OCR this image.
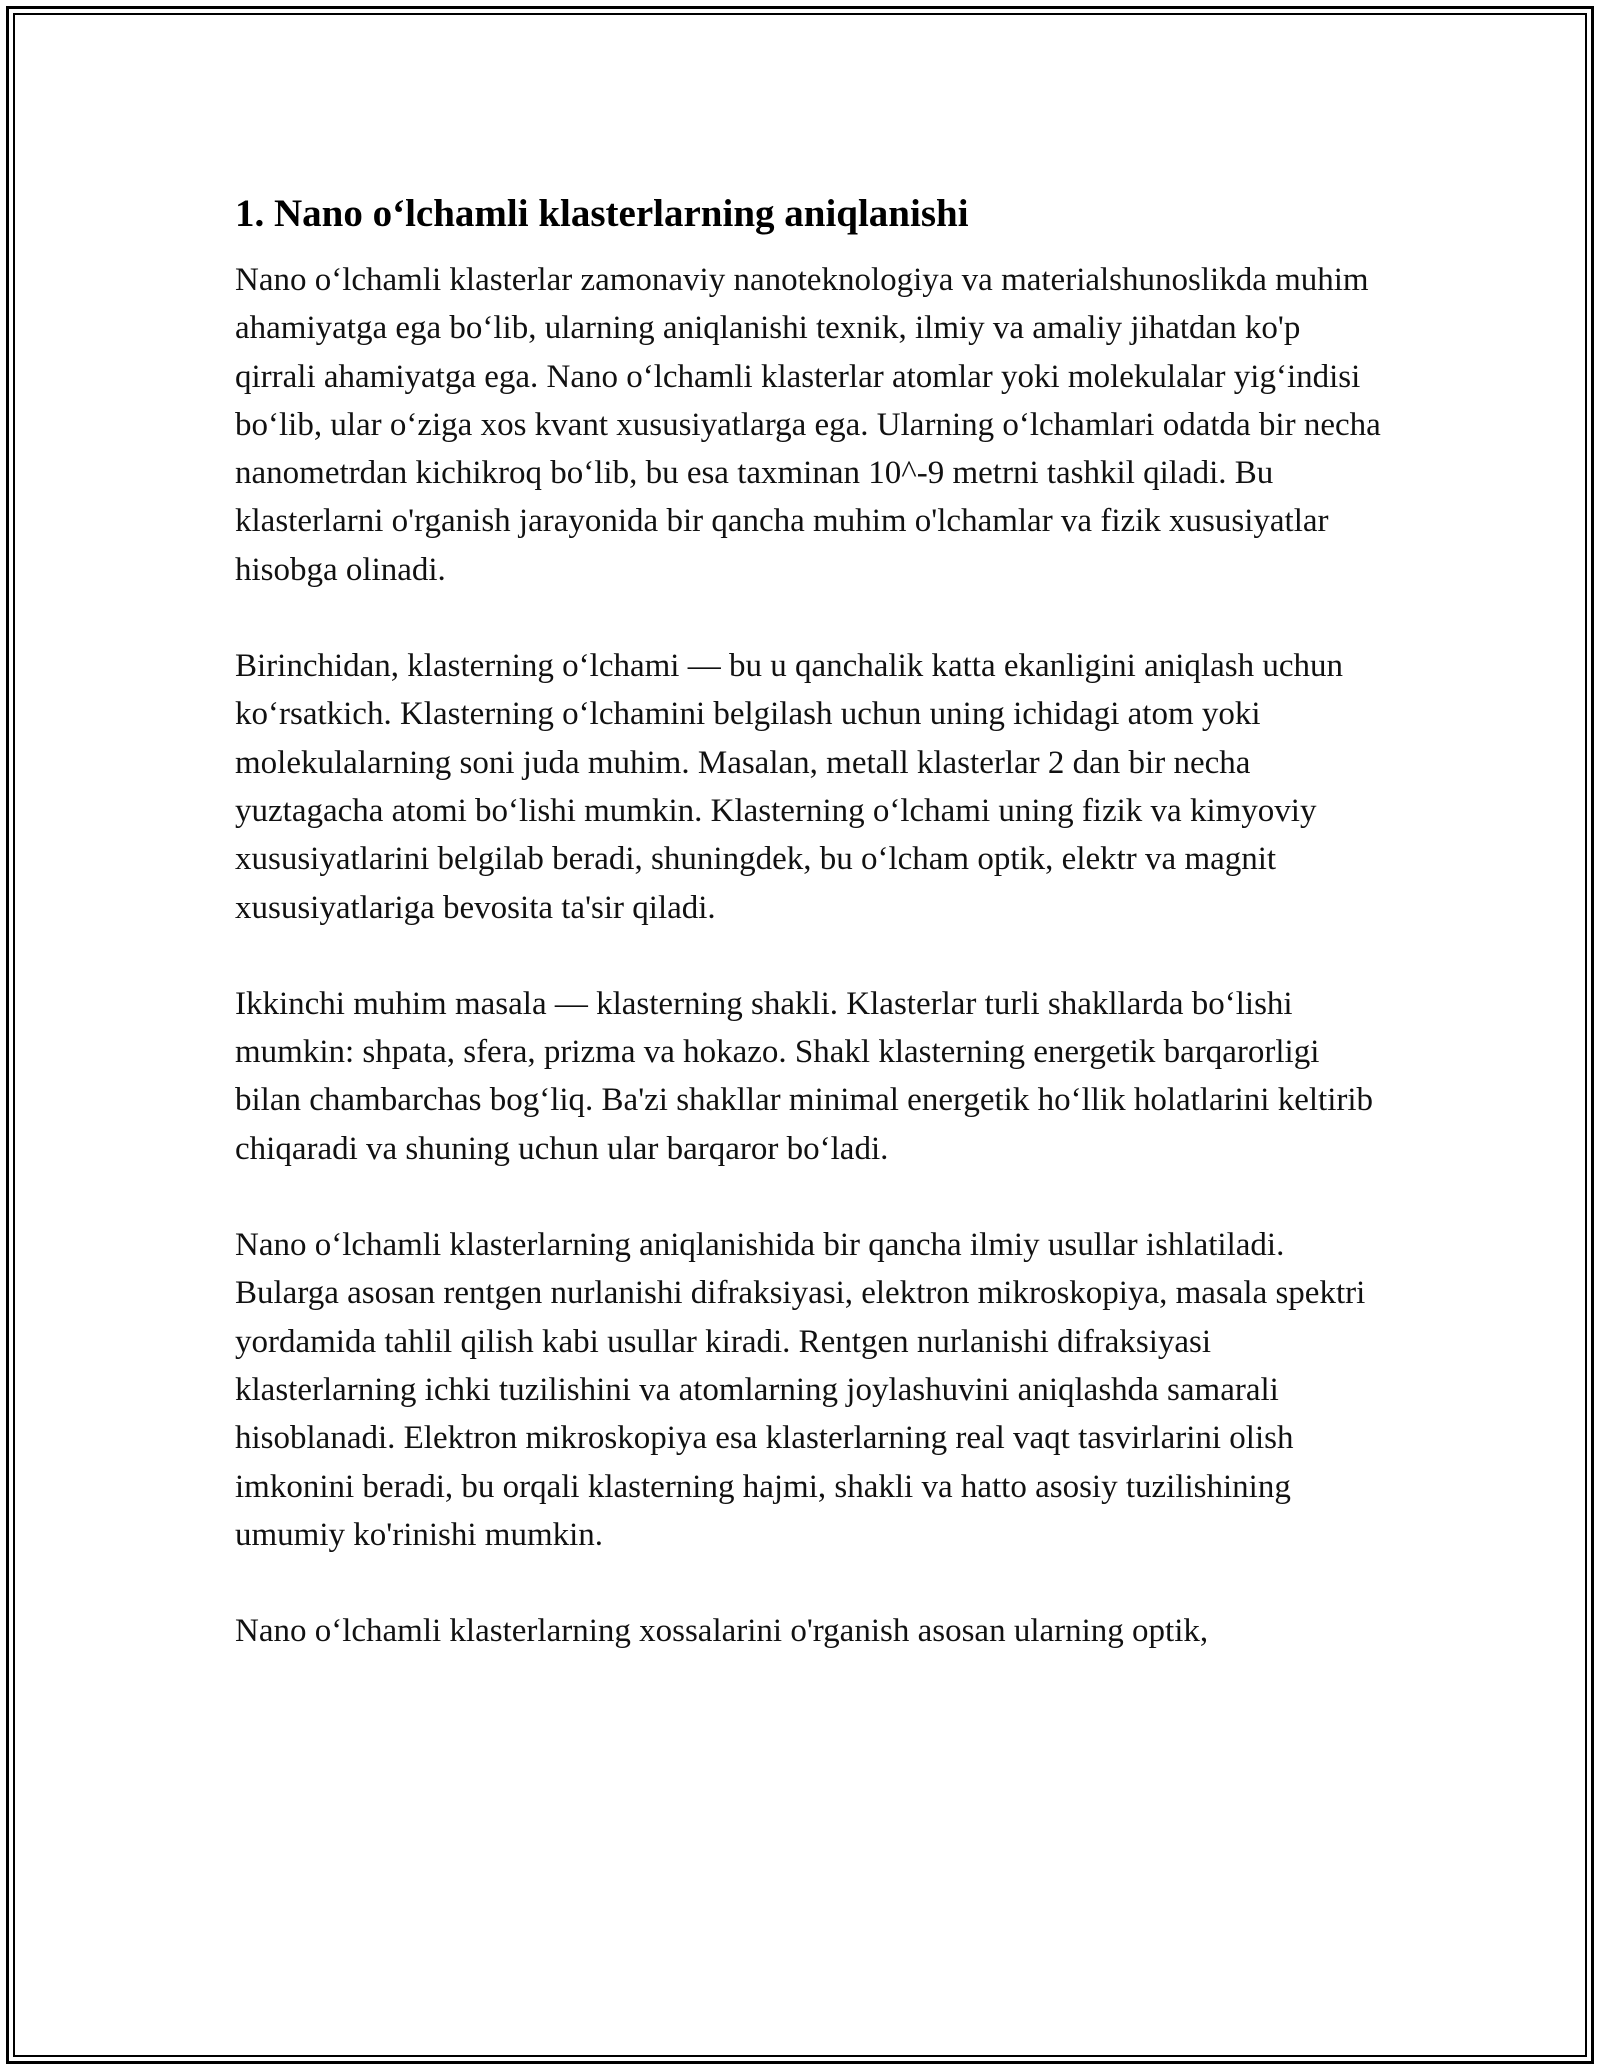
1. Nano o‘lchamli klasterlarning aniqlanishi

Nano o‘lchamli klasterlar zamonaviy nanoteknologiya va materialshunoslikda muhim ahamiyatga ega bo‘lib, ularning aniqlanishi texnik, ilmiy va amaliy jihatdan ko'p qirrali ahamiyatga ega. Nano o‘lchamli klasterlar atomlar yoki molekulalar yig‘indisi bo‘lib, ular o‘ziga xos kvant xususiyatlarga ega. Ularning o‘lchamlari odatda bir necha nanometrdan kichikroq bo‘lib, bu esa taxminan 10^-9 metrni tashkil qiladi. Bu klasterlarni o'rganish jarayonida bir qancha muhim o'lchamlar va fizik xususiyatlar hisobga olinadi.

Birinchidan, klasterning o‘lchami — bu u qanchalik katta ekanligini aniqlash uchun ko‘rsatkich. Klasterning o‘lchamini belgilash uchun uning ichidagi atom yoki molekulalarning soni juda muhim. Masalan, metall klasterlar 2 dan bir necha yuztagacha atomi bo‘lishi mumkin. Klasterning o‘lchami uning fizik va kimyoviy xususiyatlarini belgilab beradi, shuningdek, bu o‘lcham optik, elektr va magnit xususiyatlariga bevosita ta'sir qiladi.

Ikkinchi muhim masala — klasterning shakli. Klasterlar turli shakllarda bo‘lishi mumkin: shpata, sfera, prizma va hokazo. Shakl klasterning energetik barqarorligi bilan chambarchas bog‘liq. Ba'zi shakllar minimal energetik ho‘llik holatlarini keltirib chiqaradi va shuning uchun ular barqaror bo‘ladi.

Nano o‘lchamli klasterlarning aniqlanishida bir qancha ilmiy usullar ishlatiladi. Bularga asosan rentgen nurlanishi difraksiyasi, elektron mikroskopiya, masala spektri yordamida tahlil qilish kabi usullar kiradi. Rentgen nurlanishi difraksiyasi klasterlarning ichki tuzilishini va atomlarning joylashuvini aniqlashda samarali hisoblanadi. Elektron mikroskopiya esa klasterlarning real vaqt tasvirlarini olish imkonini beradi, bu orqali klasterning hajmi, shakli va hatto asosiy tuzilishining umumiy ko'rinishi mumkin.

Nano o‘lchamli klasterlarning xossalarini o'rganish asosan ularning optik,
